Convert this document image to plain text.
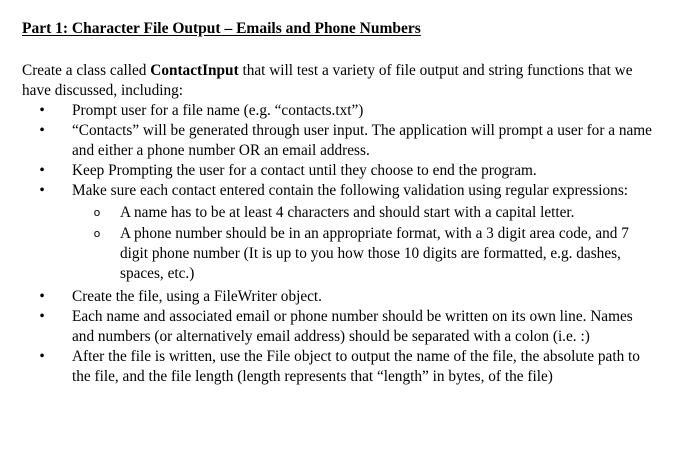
Part 1: Character File Output – Emails and Phone Numbers
Create a class called ContactInput that will test a variety of file output and string functions that we have discussed, including:
• Prompt user for a file name (e.g. “contacts.txt”)
• “Contacts” will be generated through user input. The application will prompt a user for a name and either a phone number OR an email address.
• Keep Prompting the user for a contact until they choose to end the program.
• Make sure each contact entered contain the following validation using regular expressions:
o A name has to be at least 4 characters and should start with a capital letter.
o A phone number should be in an appropriate format, with a 3 digit area code, and 7 digit phone number (It is up to you how those 10 digits are formatted, e.g. dashes, spaces, etc.)
• Create the file, using a FileWriter object.
• Each name and associated email or phone number should be written on its own line. Names and numbers (or alternatively email address) should be separated with a colon (i.e. :)
• After the file is written, use the File object to output the name of the file, the absolute path to the file, and the file length (length represents that “length” in bytes, of the file)
